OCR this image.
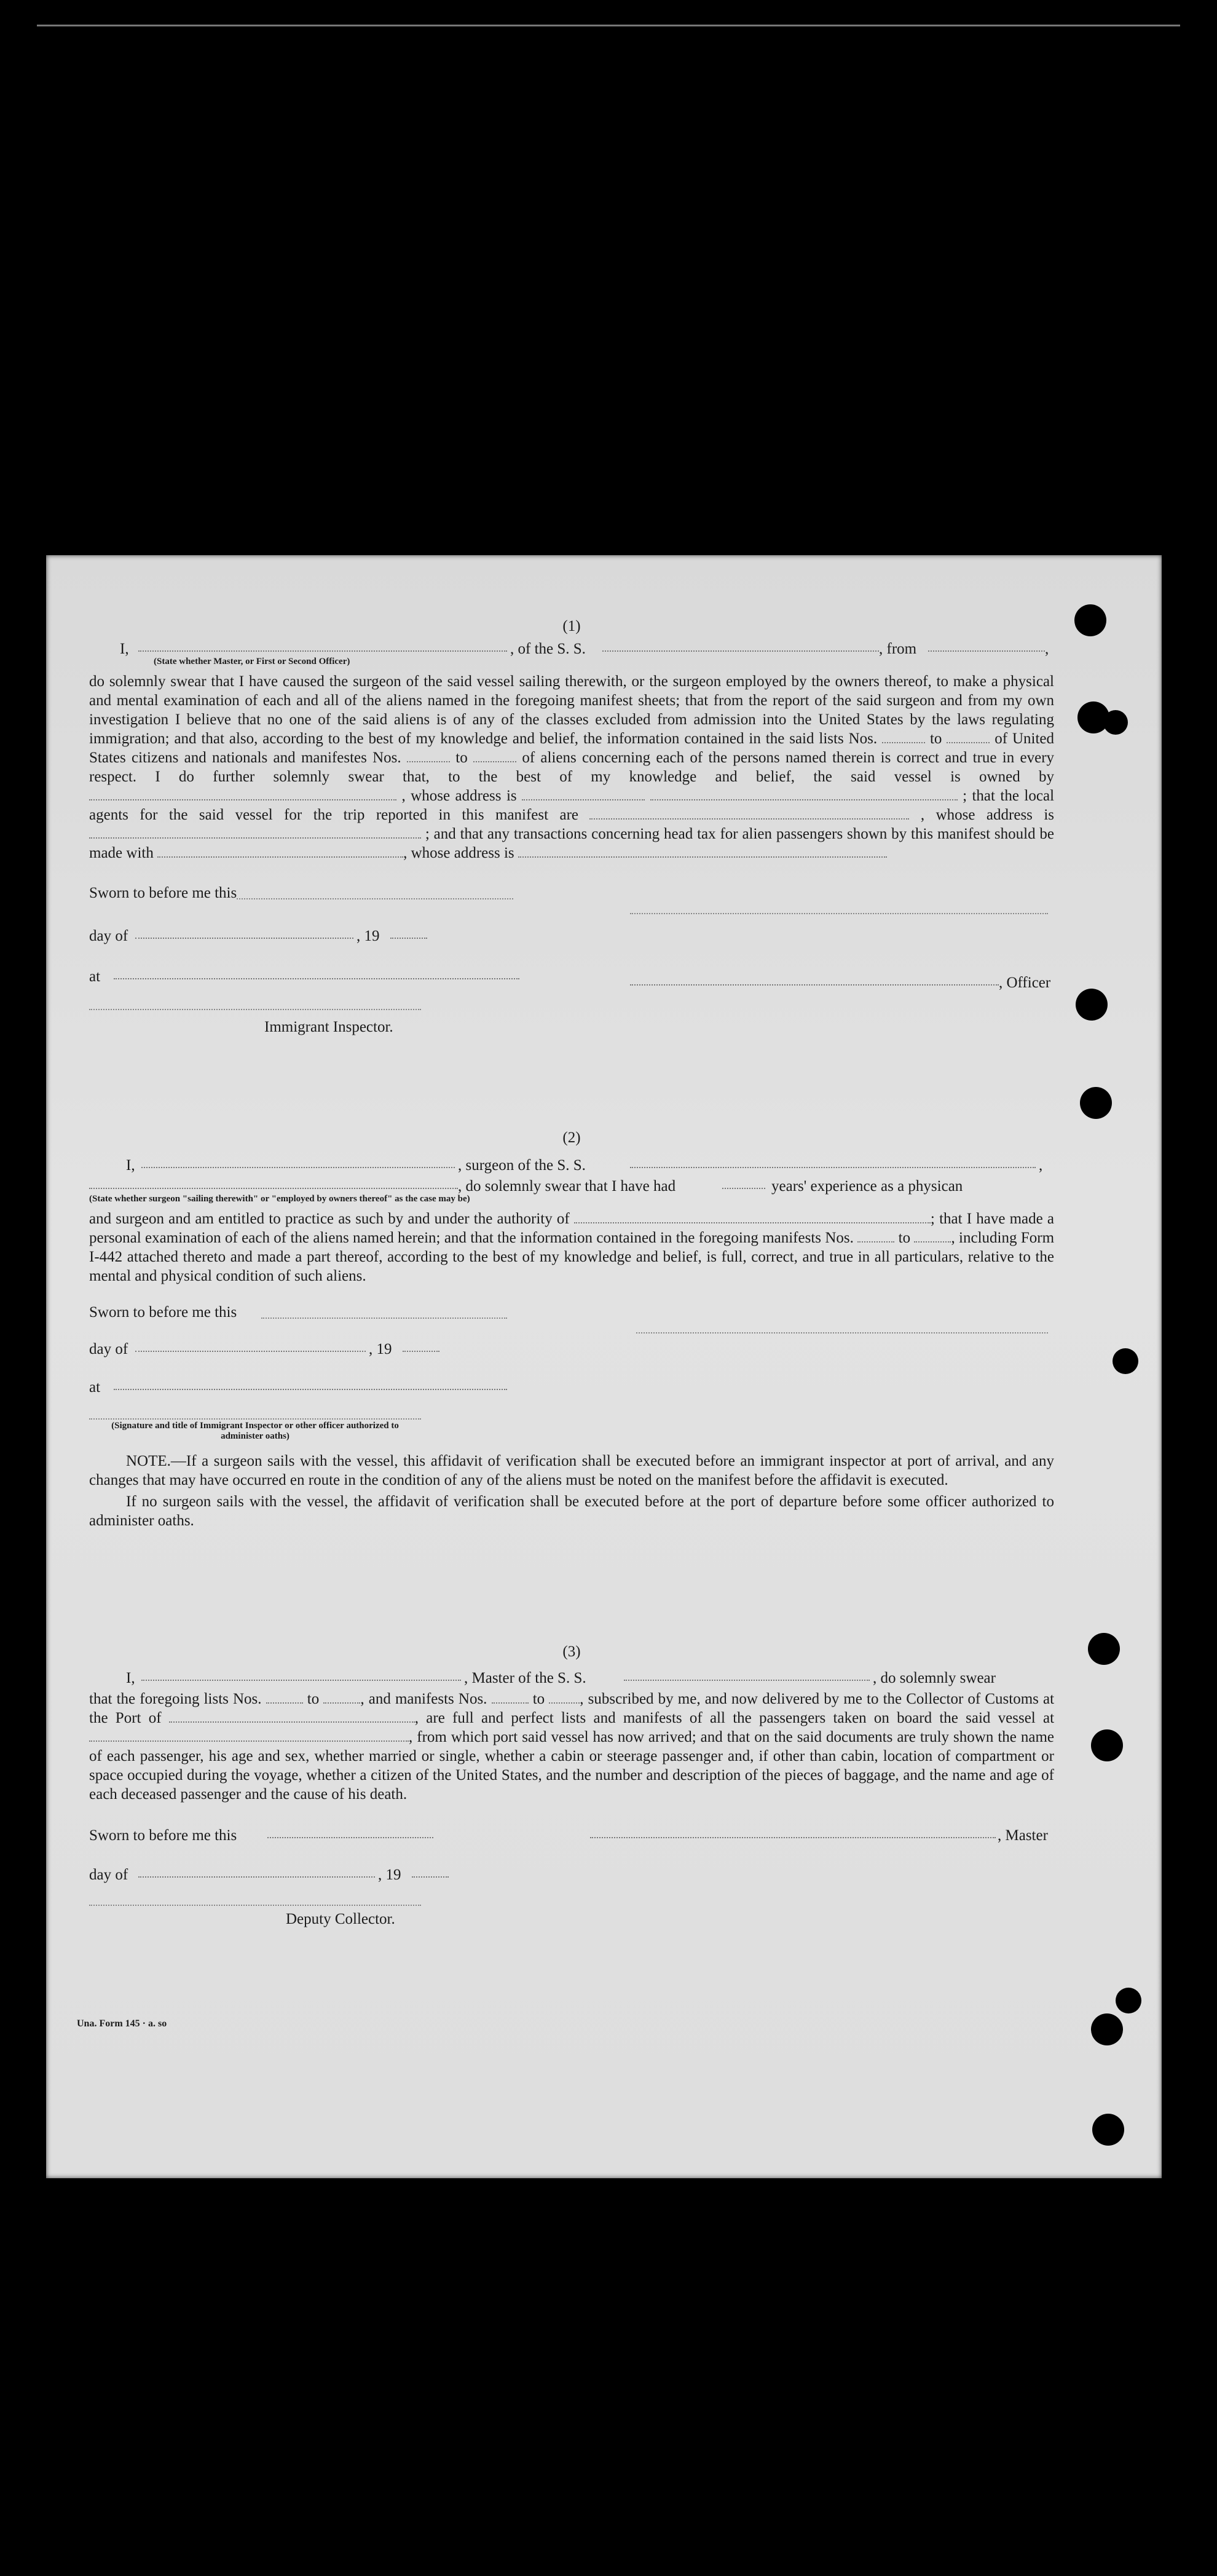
(1)
I,	, of the S. S.	, from	,
(State whether Master, or First or Second Officer)
do solemnly swear that I have caused the surgeon of the said vessel sailing therewith, or the surgeon employed by the owners thereof, to make a physical and mental examination of each and all of the aliens named in the foregoing manifest sheets; that from the report of the said surgeon and from my own investigation I believe that no one of the said aliens is of any of the classes excluded from admission into the United States by the laws regulating immigration; and that also, according to the best of my knowledge and belief, the information contained in the said lists Nos.	to	of United States citizens and nationals and manifestes Nos.	to	of aliens concerning each of the persons named therein is correct and true in every respect. I do further solemnly swear that, to the best of my knowledge and belief, the said vessel is owned by  , whose address is	; that the local agents for the said vessel for the trip reported in this manifest are	, whose address is  ; and that any transactions concerning head tax for alien passengers shown by this manifest should be made with	, whose address is
Sworn to before me this
day of	, 19
at	, Officer
Immigrant Inspector.
(2)
I,	, surgeon of the S. S.	,
, do solemnly swear that I have had	years' experience as a physican
(State whether surgeon "sailing therewith" or "employed by owners thereof" as the case may be)
and surgeon and am entitled to practice as such by and under the authority of	; that I have made a personal examination of each of the aliens named herein; and that the information contained in the foregoing manifests Nos.	to	, including Form I-442 attached thereto and made a part thereof, according to the best of my knowledge and belief, is full, correct, and true in all particulars, relative to the mental and physical condition of such aliens.
Sworn to before me this
day of	, 19
at
(Signature and title of Immigrant Inspector or other officer authorized to administer oaths)
NOTE.—If a surgeon sails with the vessel, this affidavit of verification shall be executed before an immigrant inspector at port of arrival, and any changes that may have occurred en route in the condition of any of the aliens must be noted on the manifest before the affidavit is executed.
If no surgeon sails with the vessel, the affidavit of verification shall be executed before at the port of departure before some officer authorized to administer oaths.
(3)
I,	, Master of the S. S.	, do solemnly swear
that the foregoing lists Nos.	to	, and manifests Nos.	to , subscribed by me, and now delivered by me to the Collector of Customs at the Port of	, are full and perfect lists and manifests of all the passengers taken on board the said vessel at , from which port said vessel has now arrived; and that on the said documents are truly shown the name of each passenger, his age and sex, whether married or single, whether a cabin or steerage passenger and, if other than cabin, location of compartment or space occupied during the voyage, whether a citizen of the United States, and the number and description of the pieces of baggage, and the name and age of each deceased passenger and the cause of his death.
Sworn to before me this	, Master
day of	, 19
Deputy Collector.
Una. Form 145 · a. so
